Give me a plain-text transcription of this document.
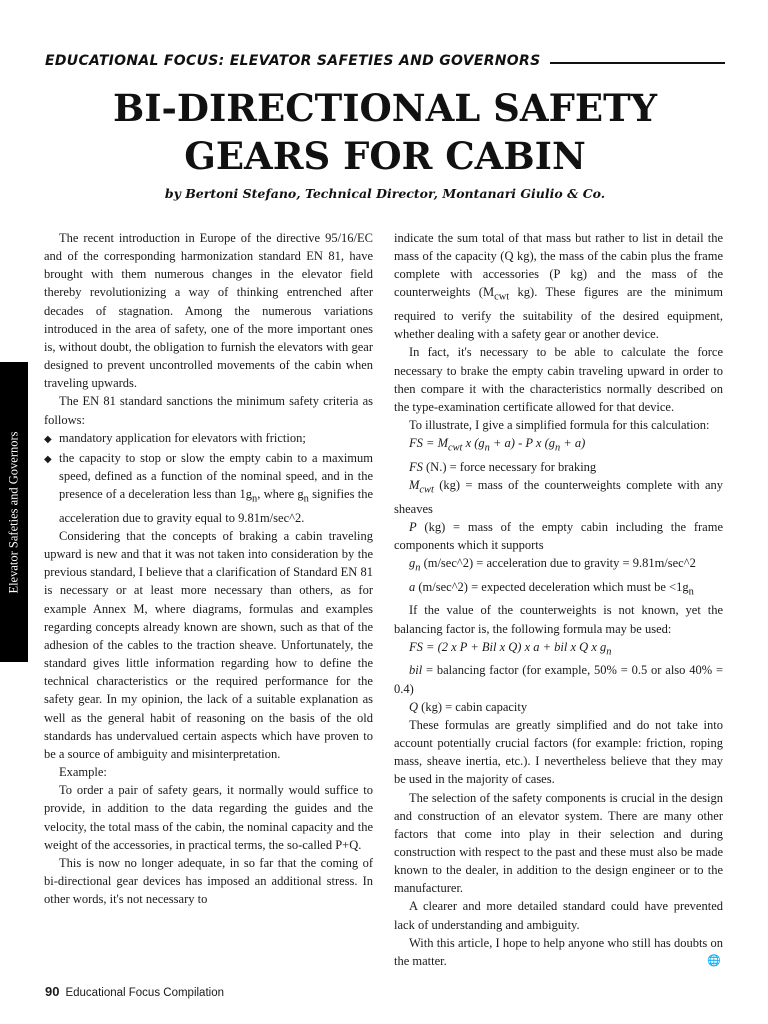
EDUCATIONAL FOCUS: ELEVATOR SAFETIES AND GOVERNORS
BI-DIRECTIONAL SAFETY
GEARS FOR CABIN
by Bertoni Stefano, Technical Director, Montanari Giulio & Co.
Elevator Safeties and Governors

The recent introduction in Europe of the directive 95/16/EC and of the corresponding harmonization standard EN 81, have brought with them numerous changes in the elevator field thereby revolutionizing a way of thinking entrenched after decades of stagnation. Among the numerous variations introduced in the area of safety, one of the more important ones is, without doubt, the obligation to furnish the elevators with gear designed to prevent uncontrolled movements of the cabin when traveling upwards.

The EN 81 standard sanctions the minimum safety criteria as follows:

◆ mandatory application for elevators with friction;
◆ the capacity to stop or slow the empty cabin to a maximum speed, defined as a function of the nominal speed, and in the presence of a deceleration less than $1g_n$, where $g_n$ signifies the acceleration due to gravity equal to 9.81m/sec^2.

Considering that the concepts of braking a cabin traveling upward is new and that it was not taken into consideration by the previous standard, I believe that a clarification of Standard EN 81 is necessary or at least more necessary than others, as for example Annex M, where diagrams, formulas and examples regarding concepts already known are shown, such as that of the adhesion of the cables to the traction sheave. Unfortunately, the standard gives little information regarding how to define the technical characteristics or the required performance for the safety gear. In my opinion, the lack of a suitable explanation as well as the general habit of reasoning on the basis of the old standards has undervalued certain aspects which have proven to be a source of ambiguity and misinterpretation.

Example:

To order a pair of safety gears, it normally would suffice to provide, in addition to the data regarding the guides and the velocity, the total mass of the cabin, the nominal capacity and the weight of the accessories, in practical terms, the so-called P+Q.

This is now no longer adequate, in so far that the coming of bi-directional gear devices has imposed an additional stress. In other words, it's not necessary to

indicate the sum total of that mass but rather to list in detail the mass of the capacity (Q kg), the mass of the cabin plus the frame complete with accessories (P kg) and the mass of the counterweights ($M_{cwt}$ kg). These figures are the minimum required to verify the suitability of the desired equipment, whether dealing with a safety gear or another device.

In fact, it's necessary to be able to calculate the force necessary to brake the empty cabin traveling upward in order to then compare it with the characteristics normally described on the type-examination certificate allowed for that device.

To illustrate, I give a simplified formula for this calculation:

FS = $M_{cwt}$ x $(g_n + a) - P$ x $(g_n + a)$

FS (N.) = force necessary for braking

$M_{cwt}$ (kg) = mass of the counterweights complete with any sheaves

P (kg) = mass of the empty cabin including the frame components which it supports

$g_n$ (m/sec^2) = acceleration due to gravity = 9.81m/sec^2

a (m/sec^2) = expected deceleration which must be $<1g_n$

If the value of the counterweights is not known, yet the balancing factor is, the following formula may be used:

FS = (2 x P + Bil x Q) x a + bil x Q x $g_n$

bil = balancing factor (for example, 50% = 0.5 or also 40% = 0.4)

Q (kg) = cabin capacity

These formulas are greatly simplified and do not take into account potentially crucial factors (for example: friction, roping mass, sheave inertia, etc.). I nevertheless believe that they may be used in the majority of cases.

The selection of the safety components is crucial in the design and construction of an elevator system. There are many other factors that come into play in their selection and during construction with respect to the past and these must also be made known to the dealer, in addition to the design engineer or to the manufacturer.

A clearer and more detailed standard could have prevented lack of understanding and ambiguity.

With this article, I hope to help anyone who still has doubts on the matter.	🌐

90 Educational Focus Compilation
